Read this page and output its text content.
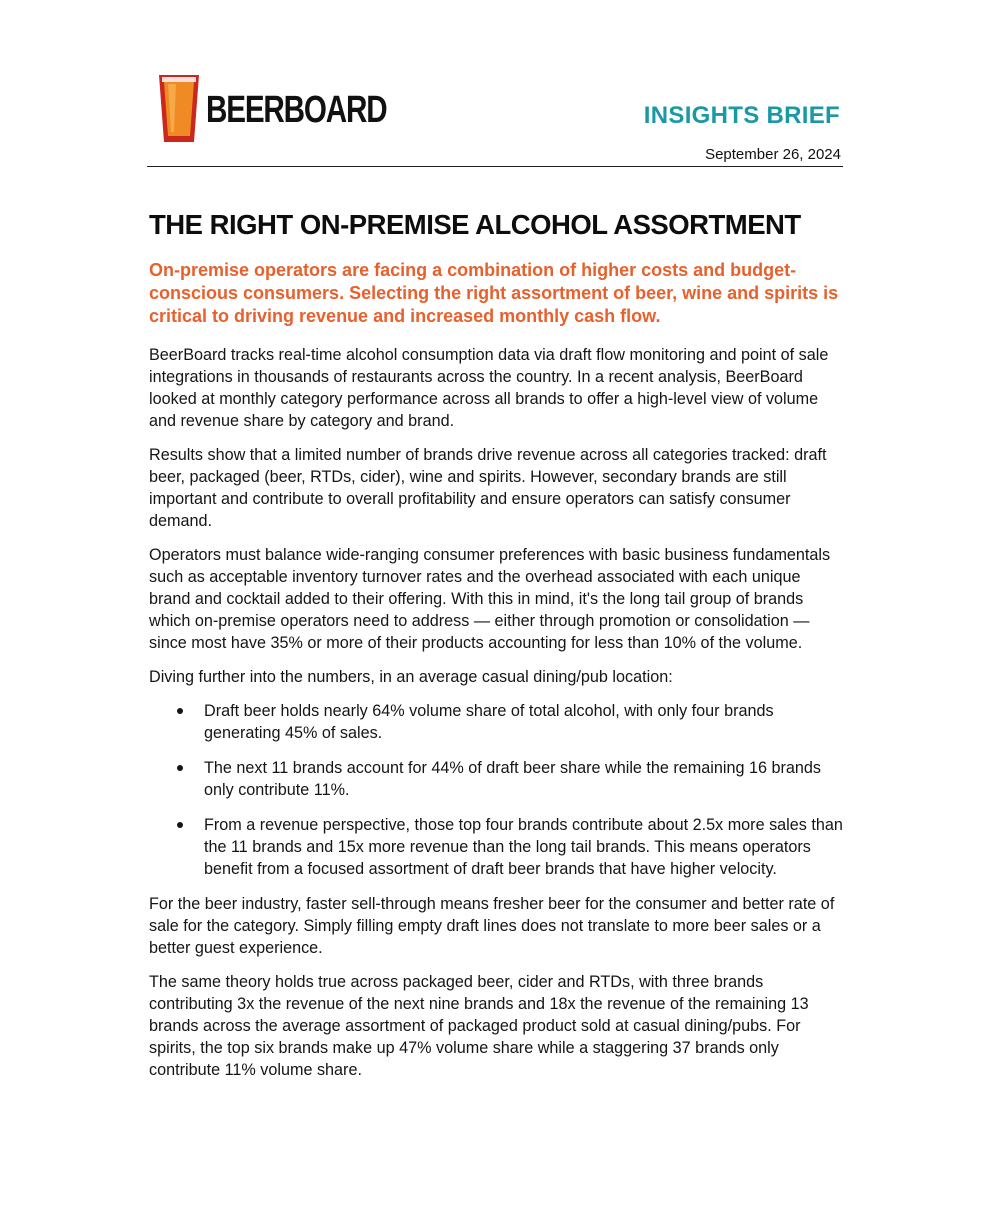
BEERBOARD	INSIGHTS BRIEF
September 26, 2024
THE RIGHT ON-PREMISE ALCOHOL ASSORTMENT

On-premise operators are facing a combination of higher costs and budget-conscious consumers. Selecting the right assortment of beer, wine and spirits is critical to driving revenue and increased monthly cash flow.

BeerBoard tracks real-time alcohol consumption data via draft flow monitoring and point of sale integrations in thousands of restaurants across the country. In a recent analysis, BeerBoard looked at monthly category performance across all brands to offer a high-level view of volume and revenue share by category and brand.

Results show that a limited number of brands drive revenue across all categories tracked: draft beer, packaged (beer, RTDs, cider), wine and spirits. However, secondary brands are still important and contribute to overall profitability and ensure operators can satisfy consumer demand.

Operators must balance wide-ranging consumer preferences with basic business fundamentals such as acceptable inventory turnover rates and the overhead associated with each unique brand and cocktail added to their offering. With this in mind, it's the long tail group of brands which on-premise operators need to address — either through promotion or consolidation — since most have 35% or more of their products accounting for less than 10% of the volume.

Diving further into the numbers, in an average casual dining/pub location:

Draft beer holds nearly 64% volume share of total alcohol, with only four brands generating 45% of sales.
The next 11 brands account for 44% of draft beer share while the remaining 16 brands only contribute 11%.
From a revenue perspective, those top four brands contribute about 2.5x more sales than the 11 brands and 15x more revenue than the long tail brands. This means operators benefit from a focused assortment of draft beer brands that have higher velocity.

For the beer industry, faster sell-through means fresher beer for the consumer and better rate of sale for the category. Simply filling empty draft lines does not translate to more beer sales or a better guest experience.

The same theory holds true across packaged beer, cider and RTDs, with three brands contributing 3x the revenue of the next nine brands and 18x the revenue of the remaining 13 brands across the average assortment of packaged product sold at casual dining/pubs. For spirits, the top six brands make up 47% volume share while a staggering 37 brands only contribute 11% volume share.
